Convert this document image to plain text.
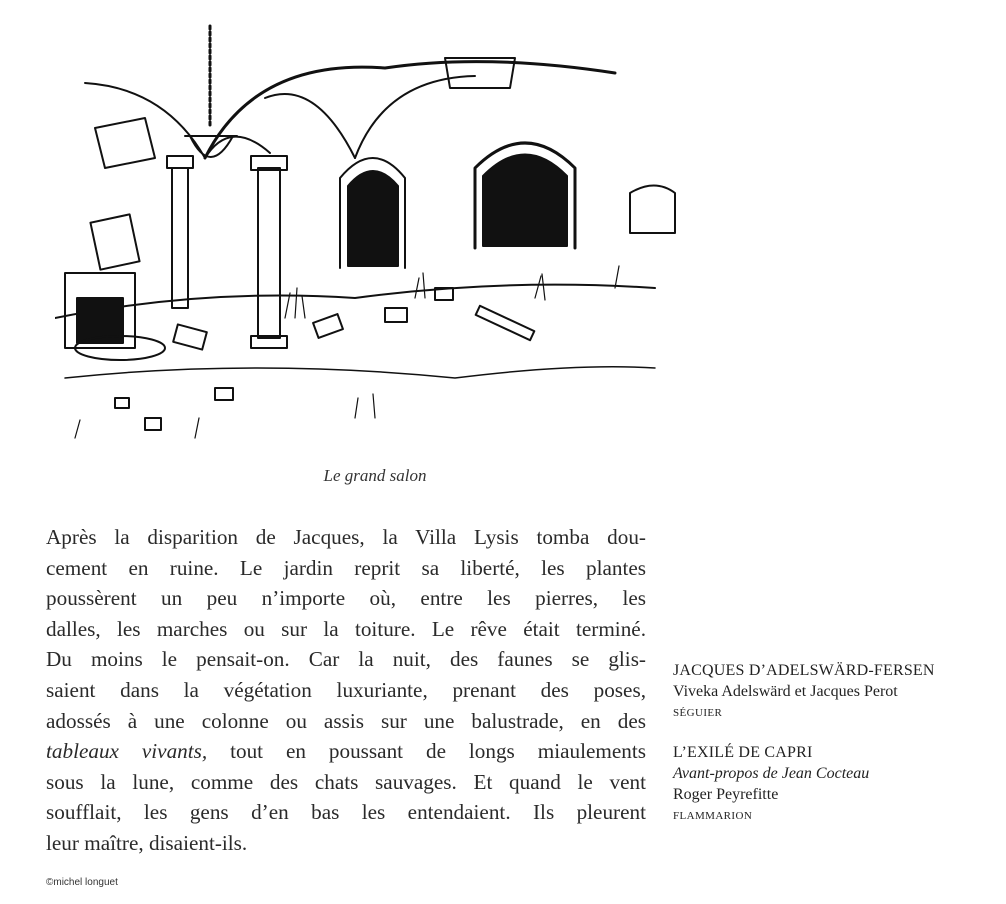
Le grand salon
Après la disparition de Jacques, la Villa Lysis tomba dou-
cement en ruine. Le jardin reprit sa liberté, les plantes
poussèrent un peu n’importe où, entre les pierres, les
dalles, les marches ou sur la toiture. Le rêve était terminé.
Du moins le pensait-on. Car la nuit, des faunes se glis-
saient dans la végétation luxuriante, prenant des poses,
adossés à une colonne ou assis sur une balustrade, en des
tableaux vivants, tout en poussant de longs miaulements
sous la lune, comme des chats sauvages. Et quand le vent
soufflait, les gens d’en bas les entendaient. Ils pleurent
leur maître, disaient-ils.
©michel longuet
JACQUES D’ADELSWÄRD-FERSEN
Viveka Adelswärd et Jacques Perot
SÉGUIER
L’EXILÉ DE CAPRI
Avant-propos de Jean Cocteau
Roger Peyrefitte
FLAMMARION
